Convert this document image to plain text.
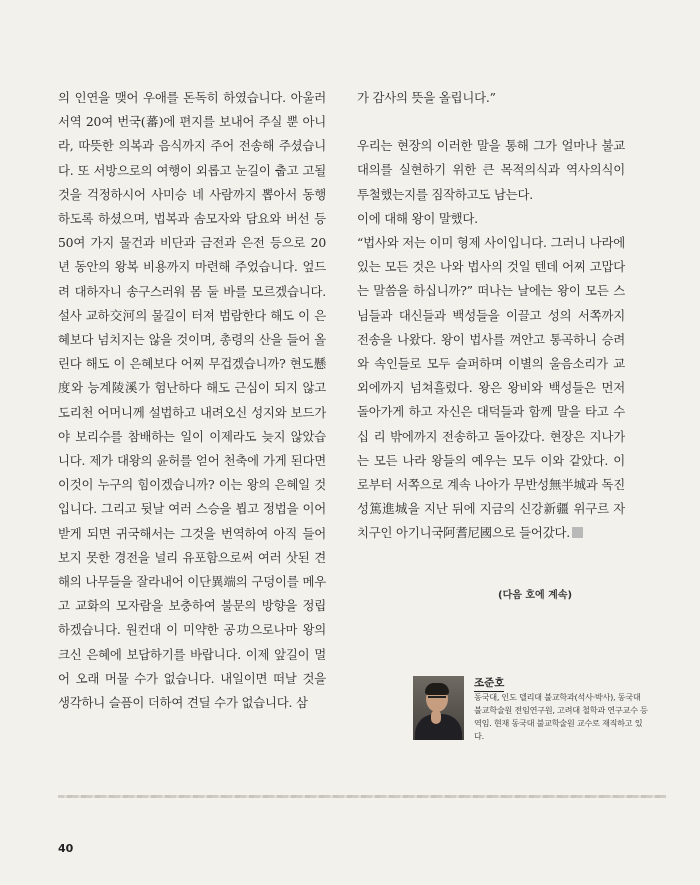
의 인연을 맺어 우애를 돈독히 하였습니다. 아울러 서역 20여 번국(蕃)에 편지를 보내어 주실 뿐 아니라, 따뜻한 의복과 음식까지 주어 전송해 주셨습니다. 또 서방으로의 여행이 외롭고 눈길이 춥고 고될 것을 걱정하시어 사미승 네 사람까지 뽑아서 동행하도록 하셨으며, 법복과 솜모자와 담요와 버선 등 50여 가지 물건과 비단과 금전과 은전 등으로 20년 동안의 왕복 비용까지 마련해 주었습니다. 엎드려 대하자니 송구스러워 몸 둘 바를 모르겠습니다. 설사 교하交河의 물길이 터져 범람한다 해도 이 은혜보다 넘치지는 않을 것이며, 총령의 산을 들어 올린다 해도 이 은혜보다 어찌 무겁겠습니까? 현도懸度와 능계陵溪가 험난하다 해도 근심이 되지 않고 도리천 어머니께 설법하고 내려오신 성지와 보드가야 보리수를 참배하는 일이 이제라도 늦지 않았습니다. 제가 대왕의 윤허를 얻어 천축에 가게 된다면 이것이 누구의 힘이겠습니까? 이는 왕의 은혜일 것입니다. 그리고 뒷날 여러 스승을 뵙고 정법을 이어 받게 되면 귀국해서는 그것을 번역하여 아직 들어보지 못한 경전을 널리 유포함으로써 여러 삿된 견해의 나무들을 잘라내어 이단異端의 구덩이를 메우고 교화의 모자람을 보충하여 불문의 방향을 정립하겠습니다. 원컨대 이 미약한 공功으로나마 왕의 크신 은혜에 보답하기를 바랍니다. 이제 앞길이 멀어 오래 머물 수가 없습니다. 내일이면 떠날 것을 생각하니 슬픔이 더하여 견딜 수가 없습니다. 삼

가 감사의 뜻을 올립니다.”

우리는 현장의 이러한 말을 통해 그가 얼마나 불교대의를 실현하기 위한 큰 목적의식과 역사의식이 투철했는지를 짐작하고도 남는다.

이에 대해 왕이 말했다.

“법사와 저는 이미 형제 사이입니다. 그러니 나라에 있는 모든 것은 나와 법사의 것일 텐데 어찌 고맙다는 말씀을 하십니까?” 떠나는 날에는 왕이 모든 스님들과 대신들과 백성들을 이끌고 성의 서쪽까지 전송을 나왔다. 왕이 법사를 껴안고 통곡하니 승려와 속인들로 모두 슬퍼하며 이별의 울음소리가 교외에까지 넘쳐흘렀다. 왕은 왕비와 백성들은 먼저 돌아가게 하고 자신은 대덕들과 함께 말을 타고 수십 리 밖에까지 전송하고 돌아갔다. 현장은 지나가는 모든 나라 왕들의 예우는 모두 이와 같았다. 이로부터 서쪽으로 계속 나아가 무반성無半城과 독진성篤進城을 지난 뒤에 지금의 신강新疆 위구르 자치구인 아기니국阿耆尼國으로 들어갔다.

(다음 호에 계속)
조준호
동국대, 인도 델리대 불교학과(석사·박사), 동국대 불교학술원 전임연구원, 고려대 철학과 연구교수 등 역임. 현재 동국대 불교학술원 교수로 재직하고 있다.
40
